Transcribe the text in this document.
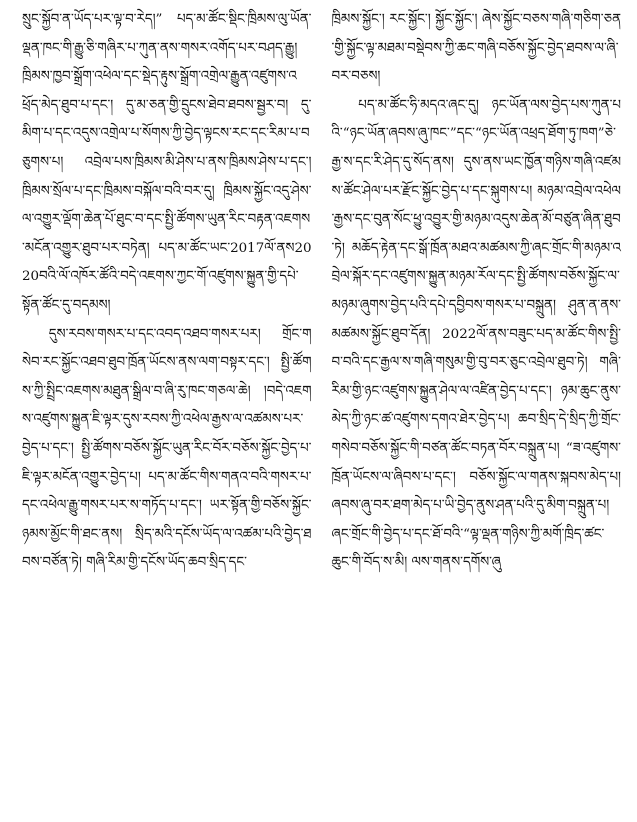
སྲུང་སྐྱོབ་ན་ཡོད་པར་ལྟ་བ་རེད།” པད་མ་ཚོང་སྡིང་ཁྲིམས་ལུ་ཡོན་ལྡན་ཁང་གི་རྒྱུ་ཅི་གཞིར་པ་ཀུན་ནས་གསར་འགོད་པར་བཤད་རྒྱུ། ཁྲིམས་ཁྱབ་སྒྲོག་འཕེལ་དང་སྡེད་རྟུས་སྒྲོག་འགྲེལ་རྒྱུན་འཛུགས་འཕྲོད་མེད་ཐུབ་པ་དང་། དུ་མ་ཅན་གྱི་དྲུངས་ཐེབ་ཐབས་སྦྱར་བ། དུ་མིག་པ་དང་འདུས་འགྲེལ་པ་སོགས་ཀྱི་བྱེད་ལྟངས་རང་དང་རིམ་པ་བཅུགས་པ། འབྲེལ་པས་ཁྲིམས་མི་ཤེས་པ་ནས་ཁྲིམས་ཤེས་པ་དང་། ཁྲིམས་སྲོལ་པ་དང་ཁྲིམས་བསྐོལ་བའི་བར་དུ། ཁྲིམས་སྐྱོང་འདུ་ཤེས་ལ་འགྱུར་ལྡོག་ཆེན་པོ་ཐུང་བ་དང་སྤྱི་ཚོགས་ཡུན་རིང་བརྟན་འཇགས་མངོན་འགྱུར་ཐུབ་པར་བཏེན། པད་མ་ཚོང་ཡང་2017ལོ་ནས2020བའི་ལོ་འཁོར་ཚོའི་བདེ་འཇགས་ཀྱང་གོ་འཛུགས་སྐྱུན་གྱི་དཔེ་སྟོན་ཚོང་དུ་བདམས།

དུས་རབས་གསར་པ་དང་འབད་འཐབ་གསར་པར། གྲོང་གསེབ་རང་སྐྱོང་འཐབ་ཐུབ་ཁྲོན་ཡོངས་ནས་ལག་བསྟར་དང་། སྤྱི་ཚོགས་ཀྱི་སྤྲིང་འཇགས་མཐུན་སྒྲིལ་བ་ཞི་རུ་ཁང་གཅལ་ཆེ། །བདེ་འཇགས་འཛུགས་སྐྱུན་ཇི་ལྟར་དུས་རབས་ཀྱི་འཕེལ་རྒྱས་ལ་འཚམས་པར་བྱེད་པ་དང་། སྤྱི་ཚོགས་བཅོས་སྐྱོང་ཡུན་རིང་བོར་བཅོས་སྐྱོང་བྱེད་པ་ཇི་ལྟར་མངོན་འགྱུར་བྱེད་པ། པད་མ་ཚོང་གིས་གནའ་བའི་གསར་པ་དང་འཕེལ་རྒྱུ་གསར་པར་ས་གཏོད་པ་དང་། ཡར་སྟོན་གྱི་བཅོས་སྐྱོང་ཉམས་མྱོང་གི་ཐང་ནས། སྲིད་མའི་དངོས་ཡོད་ལ་འཚམ་པའི་བྱེད་ཐབས་བཙོན་ཏེ། གཞི་རིམ་གྱི་དངོས་ཡོད་ཆབ་སྲིད་དང་

ཁྲིམས་སྐྱོང་། རང་སྐྱོང་། སྐྱོང་སྐྱོང་། ཞེས་སྐྱོང་བཅས་གཞི་གཅིག་ཅན་གྱི་སྐྱོང་ལྟ་མཐམ་བསྡེབས་ཀྱི་ཆང་གཞི་བཅོས་སྐྱོང་བྱེད་ཐབས་ལ་ཞི་བར་བཅས།

པད་མ་ཚོང་ཧི་མདའ་ཞང་དུ། ཉང་ཡོན་ལས་བྱེད་པས་ཀུན་པའི་“ཉང་ཡོན་ཞབས་ཞུ་ཁང་”དང་“ཉང་ཡོན་འཕྲད་ཐོག་ཏུ་ཁག”ཅེ་རྒྱ་ས་དང་རི་ཤེད་དུ་སོད་ནས། དུས་ནས་ཡང་ཁྱོན་གཉིས་གཞི་འཛམས་ཚོང་ཤེལ་པར་རྫོང་སྐྱོང་བྱེད་པ་དང་སྐུགས་པ། མཉམ་འབྲེལ་འཕེལ་རྒྱས་དང་བུན་སོང་ཕྱུ་འབྱུར་གྱི་མཉམ་འདུས་ཆེན་མོ་བཙུན་ཞིན་ཐུབ་ཏེ། མཆོད་རྟེན་དང་སྒོ་ཁྲོན་མཐའ་མཚམས་ཀྱི་ཞང་གྲོང་གི་མཉམ་འབྲེལ་སྐོར་དང་འཛུགས་སྐྱུན་མཉམ་རོལ་དང་སྤྱི་ཚོགས་བཅོས་སྐྱོང་ལ་མཉམ་ཞུགས་བྱེད་པའི་དཔེ་དབྱིབས་གསར་པ་བསྐྲུན། ཤུན་ན་ནས་མཚམས་སྐྱོང་ཐུབ་དོན། 2022ལོ་ནས་བཟུང་པད་མ་ཚོང་གིས་སྤྱི་བ་བའི་དང་རྒྱལ་ས་གཞི་གསུམ་གྱི་བུ་བར་ཅུང་འབྲེལ་ཐུབ་ཏེ། གཞི་རིམ་གྱི་ཉང་འཛུགས་སྐྱུན་ཤེལ་ལ་འཛིན་བྱེད་པ་དང་། ཉམ་ཆུང་ནུས་མེད་ཀྱི་ཉང་ཚ་འཛུགས་དགའ་ཐེར་བྱེད་པ། ཆབ་སྲིད་དེ་སྲིད་ཀྱི་གྲོང་གསེབ་བཅོས་སྐྱོང་གི་བཙན་ཚོང་བཏན་བོར་བསྐྲུན་པ། “ཟ་འཛུགས་ཁྲོན་ཡོངས་ལ་ཞིབས་པ་དང་། བཅོས་སྐྱོང་ལ་གནས་སྐབས་མེད་པ། ཞབས་ཞུ་བར་ཐག་མེད་པ་ཡི་བྱེད་ནུས་ཤན་པའི་དུ་མིག་བསྐྲུན་པ། ཞང་གྲོང་གི་བྱེད་པ་དང་ཐོ་བའི་“ལྟ་ལྡན་གཉིས་ཀྱི་མགོ་ཁྲིད་ཚང་ཆུང་གི་བོད་ས་མི། ལས་གནས་དགོས་ཞུ
